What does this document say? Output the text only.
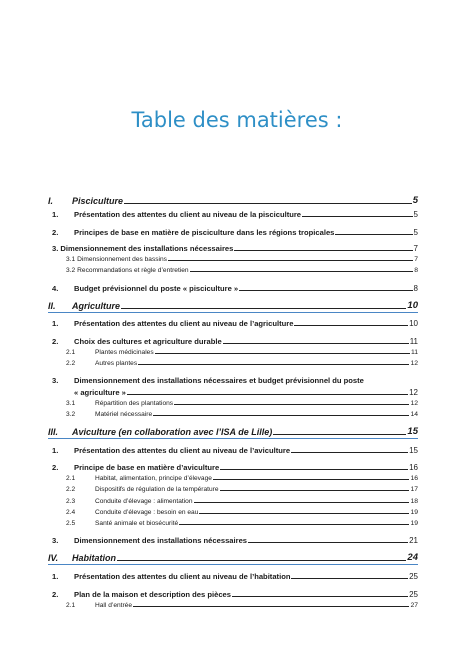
Table des matières :
I.	Pisciculture	5
1.	Présentation des attentes du client au niveau de la pisciculture	5
2.	Principes de base en matière de pisciculture dans les régions tropicales	5
3. Dimensionnement des installations nécessaires	7
3.1 Dimensionnement des bassins	7
3.2 Recommandations et règle d’entretien	8
4.	Budget prévisionnel du poste « pisciculture »	8
II.	Agriculture	10
1.	Présentation des attentes du client au niveau de l’agriculture	10
2.	Choix des cultures et agriculture durable	11
2.1	Plantes médicinales	11
2.2	Autres plantes	12
3.	Dimensionnement des installations nécessaires et budget prévisionnel du poste
« agriculture »	12
3.1	Répartition des plantations	12
3.2	Matériel nécessaire	14
III.	Aviculture (en collaboration avec l’ISA de Lille)	15
1.	Présentation des attentes du client au niveau de l’aviculture	15
2.	Principe de base en matière d’aviculture	16
2.1	Habitat, alimentation, principe d’élevage	16
2.2	Dispositifs de régulation de la température	17
2.3	Conduite d’élevage : alimentation	18
2.4	Conduite d’élevage : besoin en eau	19
2.5	Santé animale et biosécurité	19
3.	Dimensionnement des installations nécessaires	21
IV.	Habitation	24
1.	Présentation des attentes du client au niveau de l’habitation	25
2.	Plan de la maison et description des pièces	25
2.1	Hall d’entrée	27
